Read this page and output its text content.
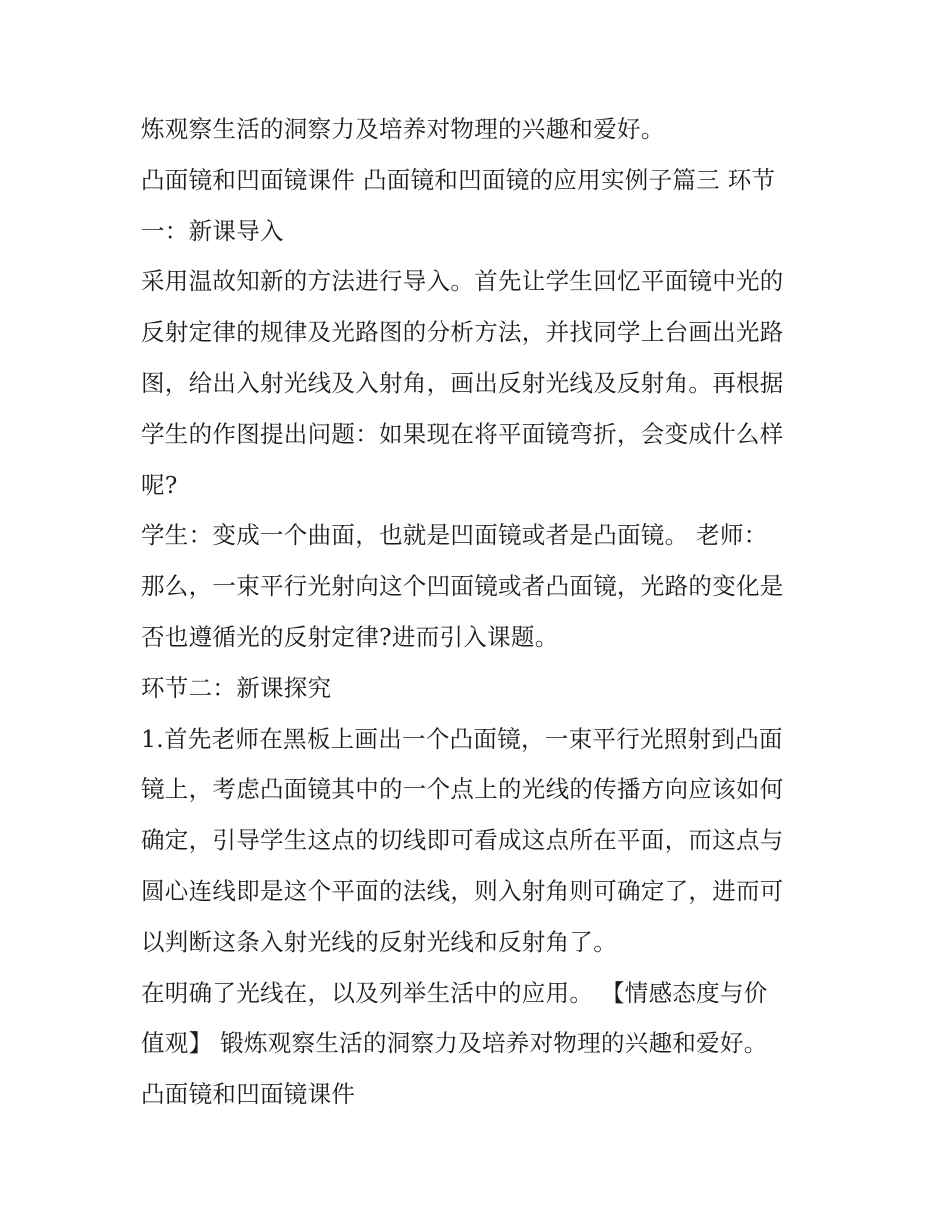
炼观察生活的洞察力及培养对物理的兴趣和爱好。
凸面镜和凹面镜课件 凸面镜和凹面镜的应用实例子篇三 环节
一：新课导入
采用温故知新的方法进行导入。首先让学生回忆平面镜中光的
反射定律的规律及光路图的分析方法，并找同学上台画出光路
图，给出入射光线及入射角，画出反射光线及反射角。再根据
学生的作图提出问题：如果现在将平面镜弯折，会变成什么样
呢?
学生：变成一个曲面，也就是凹面镜或者是凸面镜。 老师：
那么，一束平行光射向这个凹面镜或者凸面镜，光路的变化是
否也遵循光的反射定律?进而引入课题。
环节二：新课探究
1.首先老师在黑板上画出一个凸面镜，一束平行光照射到凸面
镜上，考虑凸面镜其中的一个点上的光线的传播方向应该如何
确定，引导学生这点的切线即可看成这点所在平面，而这点与
圆心连线即是这个平面的法线，则入射角则可确定了，进而可
以判断这条入射光线的反射光线和反射角了。
在明确了光线在，以及列举生活中的应用。 【情感态度与价
值观】 锻炼观察生活的洞察力及培养对物理的兴趣和爱好。
凸面镜和凹面镜课件
